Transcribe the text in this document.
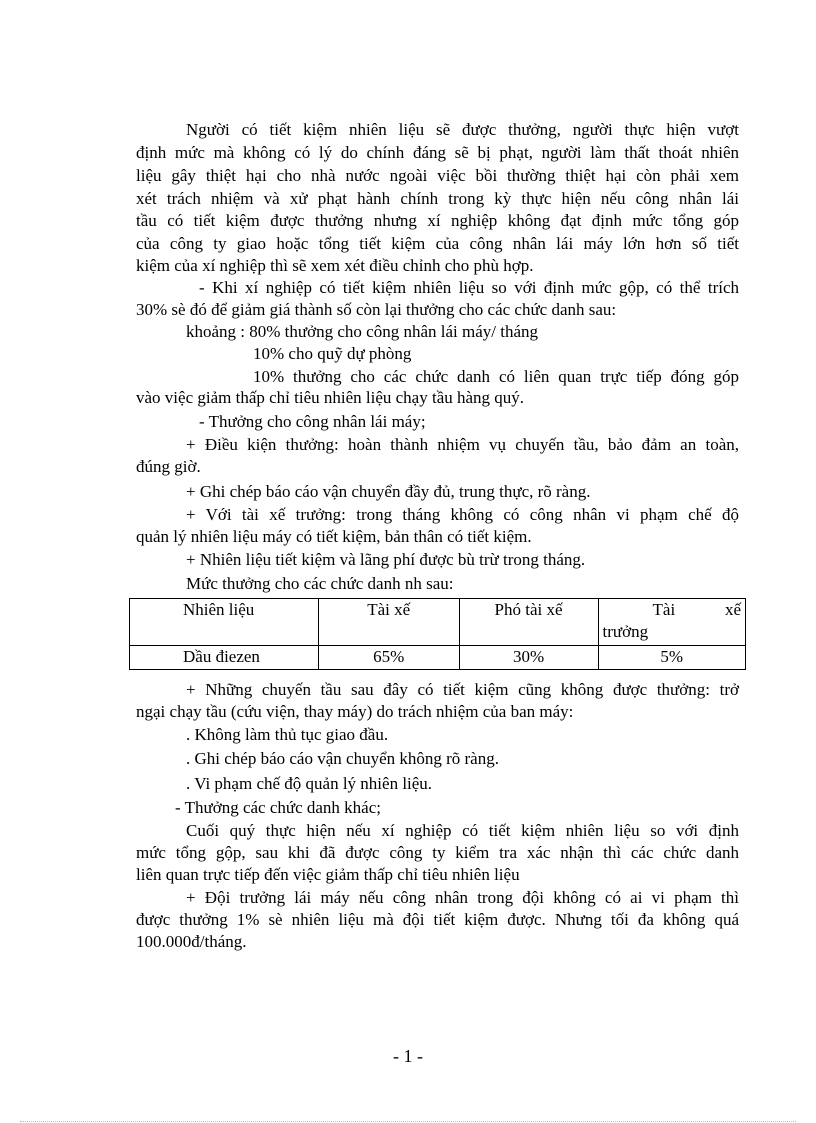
Người có tiết kiệm nhiên liệu sẽ được thưởng, người thực hiện vượt
định mức mà không có lý do chính đáng sẽ bị phạt, người làm thất thoát nhiên
liệu gây thiệt hại cho nhà nước ngoài việc bồi thường thiệt hại còn phải xem
xét trách nhiệm và xử phạt hành chính trong kỳ thực hiện nếu công nhân lái
tầu có tiết kiệm được thưởng nhưng xí nghiệp không đạt định mức tổng góp
của công ty giao hoặc tổng tiết kiệm của công nhân lái máy lớn hơn số tiết
kiệm của xí nghiệp thì sẽ xem xét điều chỉnh cho phù hợp.
- Khi xí nghiệp có tiết kiệm nhiên liệu so với định mức gộp, có thể trích
30% sè đó để giảm giá thành số còn lại thưởng cho các chức danh sau:
khoảng : 80% thưởng cho công nhân lái máy/ tháng
10% cho quỹ dự phòng
10% thưởng cho các chức danh có liên quan trực tiếp đóng góp
vào việc giảm thấp chỉ tiêu nhiên liệu chạy tầu hàng quý.
- Thưởng cho công nhân lái máy;
+ Điều kiện thưởng: hoàn thành nhiệm vụ chuyến tầu, bảo đảm an toàn,
đúng giờ.
+ Ghi chép báo cáo vận chuyển đầy đủ, trung thực, rõ ràng.
+ Với tài xế trưởng: trong tháng không có công nhân vi phạm chế độ
quản lý nhiên liệu máy có tiết kiệm, bản thân có tiết kiệm.
+ Nhiên liệu tiết kiệm và lãng phí được bù trừ trong tháng.
Mức thưởng cho các chức danh nh sau:
Nhiên liệu	Tài xế	Phó tài xế	Tài xế
trưởng

Dầu điezen	65%	30%	5%
+ Những chuyến tầu sau đây có tiết kiệm cũng không được thưởng: trở
ngại chạy tầu (cứu viện, thay máy) do trách nhiệm của ban máy:
. Không làm thủ tục giao đầu.
. Ghi chép báo cáo vận chuyển không rõ ràng.
. Vi phạm chế độ quản lý nhiên liệu.
- Thưởng các chức danh khác;
Cuối quý thực hiện nếu xí nghiệp có tiết kiệm nhiên liệu so với định
mức tổng gộp, sau khi đã được công ty kiểm tra xác nhận thì các chức danh
liên quan trực tiếp đến việc giảm thấp chỉ tiêu nhiên liệu
+ Đội trưởng lái máy nếu công nhân trong đội không có ai vi phạm thì
được thưởng 1% sè nhiên liệu mà đội tiết kiệm được. Nhưng tối đa không quá
100.000đ/tháng.
- 1 -
